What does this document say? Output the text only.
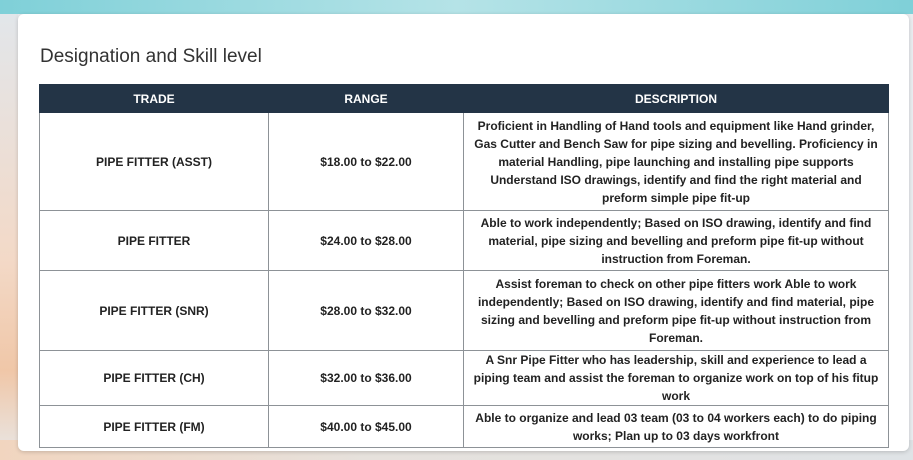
Designation and Skill level
TRADE	RANGE	DESCRIPTION
PIPE FITTER (ASST)	$18.00 to $22.00	Proficient in Handling of Hand tools and equipment like Hand grinder, Gas Cutter and Bench Saw for pipe sizing and bevelling. Proficiency in material Handling, pipe launching and installing pipe supports Understand ISO drawings, identify and find the right material and preform simple pipe fit-up
PIPE FITTER	$24.00 to $28.00	Able to work independently; Based on ISO drawing, identify and find material, pipe sizing and bevelling and preform pipe fit-up without instruction from Foreman.
PIPE FITTER (SNR)	$28.00 to $32.00	Assist foreman to check on other pipe fitters work Able to work independently; Based on ISO drawing, identify and find material, pipe sizing and bevelling and preform pipe fit-up without instruction from Foreman.
PIPE FITTER (CH)	$32.00 to $36.00	A Snr Pipe Fitter who has leadership, skill and experience to lead a piping team and assist the foreman to organize work on top of his fitup work
PIPE FITTER (FM)	$40.00 to $45.00	Able to organize and lead 03 team (03 to 04 workers each) to do piping works; Plan up to 03 days workfront
